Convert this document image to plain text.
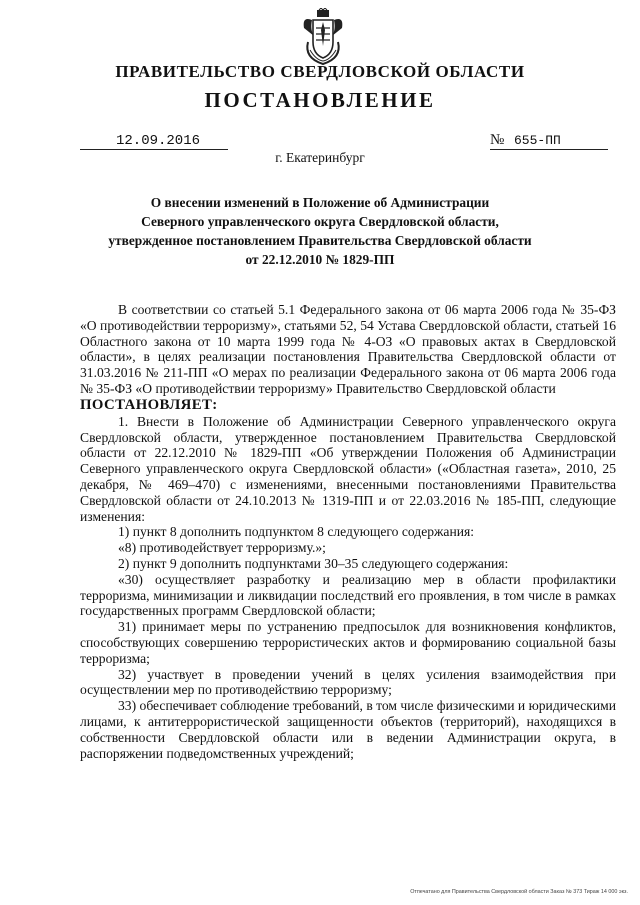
ПРАВИТЕЛЬСТВО СВЕРДЛОВСКОЙ ОБЛАСТИ
ПОСТАНОВЛЕНИЕ
12.09.2016	№ 655-ПП
г. Екатеринбург
О внесении изменений в Положение об Администрации
Северного управленческого округа Свердловской области,
утвержденное постановлением Правительства Свердловской области
от 22.12.2010 № 1829-ПП

В соответствии со статьей 5.1 Федерального закона от 06 марта 2006 года № 35-ФЗ «О противодействии терроризму», статьями 52, 54 Устава Свердловской области, статьей 16 Областного закона от 10 марта 1999 года № 4-ОЗ «О правовых актах в Свердловской области», в целях реализации постановления Правительства Свердловской области от 31.03.2016 № 211-ПП «О мерах по реализации Федерального закона от 06 марта 2006 года № 35-ФЗ «О противодействии терроризму» Правительство Свердловской области

ПОСТАНОВЛЯЕТ:

1. Внести в Положение об Администрации Северного управленческого округа Свердловской области, утвержденное постановлением Правительства Свердловской области от 22.12.2010 № 1829-ПП «Об утверждении Положения об Администрации Северного управленческого округа Свердловской области» («Областная газета», 2010, 25 декабря, № 469–470) с изменениями, внесенными постановлениями Правительства Свердловской области от 24.10.2013 № 1319-ПП и от 22.03.2016 № 185-ПП, следующие изменения:

1) пункт 8 дополнить подпунктом 8 следующего содержания:

«8) противодействует терроризму.»;

2) пункт 9 дополнить подпунктами 30–35 следующего содержания:

«30) осуществляет разработку и реализацию мер в области профилактики терроризма, минимизации и ликвидации последствий его проявления, в том числе в рамках государственных программ Свердловской области;

31) принимает меры по устранению предпосылок для возникновения конфликтов, способствующих совершению террористических актов и формированию социальной базы терроризма;

32) участвует в проведении учений в целях усиления взаимодействия при осуществлении мер по противодействию терроризму;

33) обеспечивает соблюдение требований, в том числе физическими и юридическими лицами, к антитеррористической защищенности объектов (территорий), находящихся в собственности Свердловской области или в ведении Администрации округа, в распоряжении подведомственных учреждений;

Отпечатано для Правительства Свердловской области Заказ № 373 Тираж 14 000 экз.
